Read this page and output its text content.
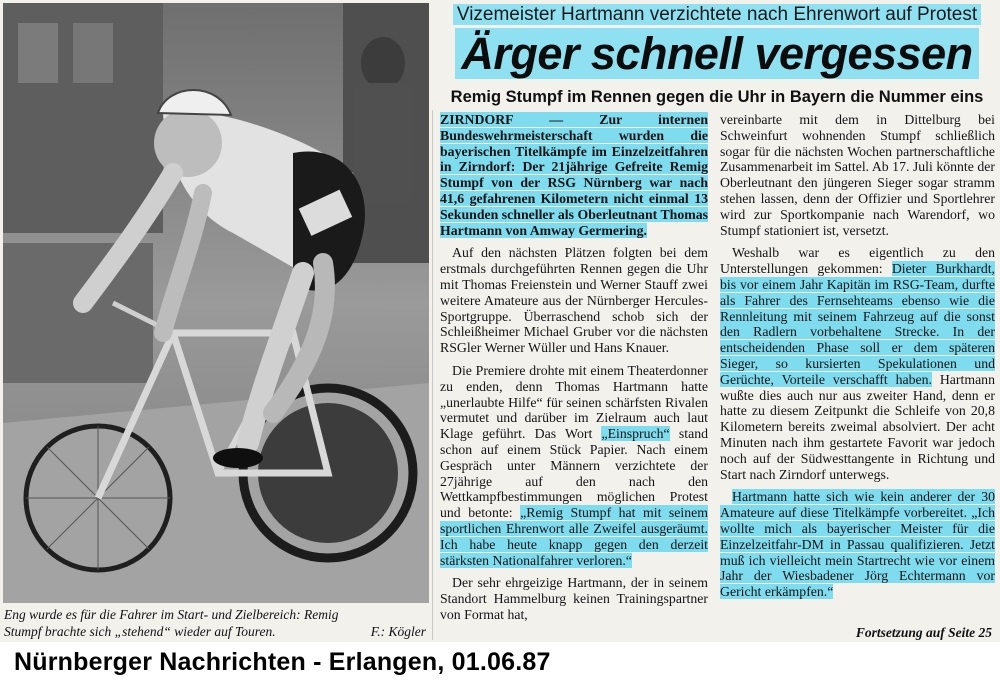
Eng wurde es für die Fahrer im Start- und Zielbereich: Remig
Stumpf brachte sich „stehend“ wieder auf Touren.	F.: Kögler
Vizemeister Hartmann verzichtete nach Ehrenwort auf Protest
Ärger schnell vergessen
Remig Stumpf im Rennen gegen die Uhr in Bayern die Nummer eins

ZIRNDORF — Zur internen Bundeswehrmeisterschaft wurden die bayerischen Titelkämpfe im Einzelzeitfahren in Zirndorf: Der 21jährige Gefreite Remig Stumpf von der RSG Nürnberg war nach 41,6 gefahrenen Kilometern nicht einmal 13 Sekunden schneller als Oberleutnant Thomas Hartmann von Amway Germering.

Auf den nächsten Plätzen folgten bei dem erstmals durchgeführten Rennen gegen die Uhr mit Thomas Freienstein und Werner Stauff zwei weitere Amateure aus der Nürnberger Hercules-Sportgruppe. Überraschend schob sich der Schleißheimer Michael Gruber vor die nächsten RSGler Werner Wüller und Hans Knauer.

Die Premiere drohte mit einem Theaterdonner zu enden, denn Thomas Hartmann hatte „unerlaubte Hilfe“ für seinen schärfsten Rivalen vermutet und darüber im Zielraum auch laut Klage geführt. Das Wort „Einspruch“ stand schon auf einem Stück Papier. Nach einem Gespräch unter Männern verzichtete der 27jährige auf den nach den Wettkampfbestimmungen möglichen Protest und betonte: „Remig Stumpf hat mit seinem sportlichen Ehrenwort alle Zweifel ausgeräumt. Ich habe heute knapp gegen den derzeit stärksten Nationalfahrer verloren.“

Der sehr ehrgeizige Hartmann, der in seinem Standort Hammelburg keinen Trainingspartner von Format hat,

vereinbarte mit dem in Dittelburg bei Schweinfurt wohnenden Stumpf schließlich sogar für die nächsten Wochen partnerschaftliche Zusammenarbeit im Sattel. Ab 17. Juli könnte der Oberleutnant den jüngeren Sieger sogar stramm stehen lassen, denn der Offizier und Sportlehrer wird zur Sportkompanie nach Warendorf, wo Stumpf stationiert ist, versetzt.

Weshalb war es eigentlich zu den Unterstellungen gekommen: Dieter Burkhardt, bis vor einem Jahr Kapitän im RSG-Team, durfte als Fahrer des Fernsehteams ebenso wie die Rennleitung mit seinem Fahrzeug auf die sonst den Radlern vorbehaltene Strecke. In der entscheidenden Phase soll er dem späteren Sieger, so kursierten Spekulationen und Gerüchte, Vorteile verschafft haben. Hartmann wußte dies auch nur aus zweiter Hand, denn er hatte zu diesem Zeitpunkt die Schleife von 20,8 Kilometern bereits zweimal absolviert. Der acht Minuten nach ihm gestartete Favorit war jedoch noch auf der Südwesttangente in Richtung und Start nach Zirndorf unterwegs.

Hartmann hatte sich wie kein anderer der 30 Amateure auf diese Titelkämpfe vorbereitet. „Ich wollte mich als bayerischer Meister für die Einzelzeitfahr-DM in Passau qualifizieren. Jetzt muß ich vielleicht mein Startrecht wie vor einem Jahr der Wiesbadener Jörg Echtermann vor Gericht erkämpfen.“

Fortsetzung auf Seite 25
Nürnberger Nachrichten - Erlangen, 01.06.87
